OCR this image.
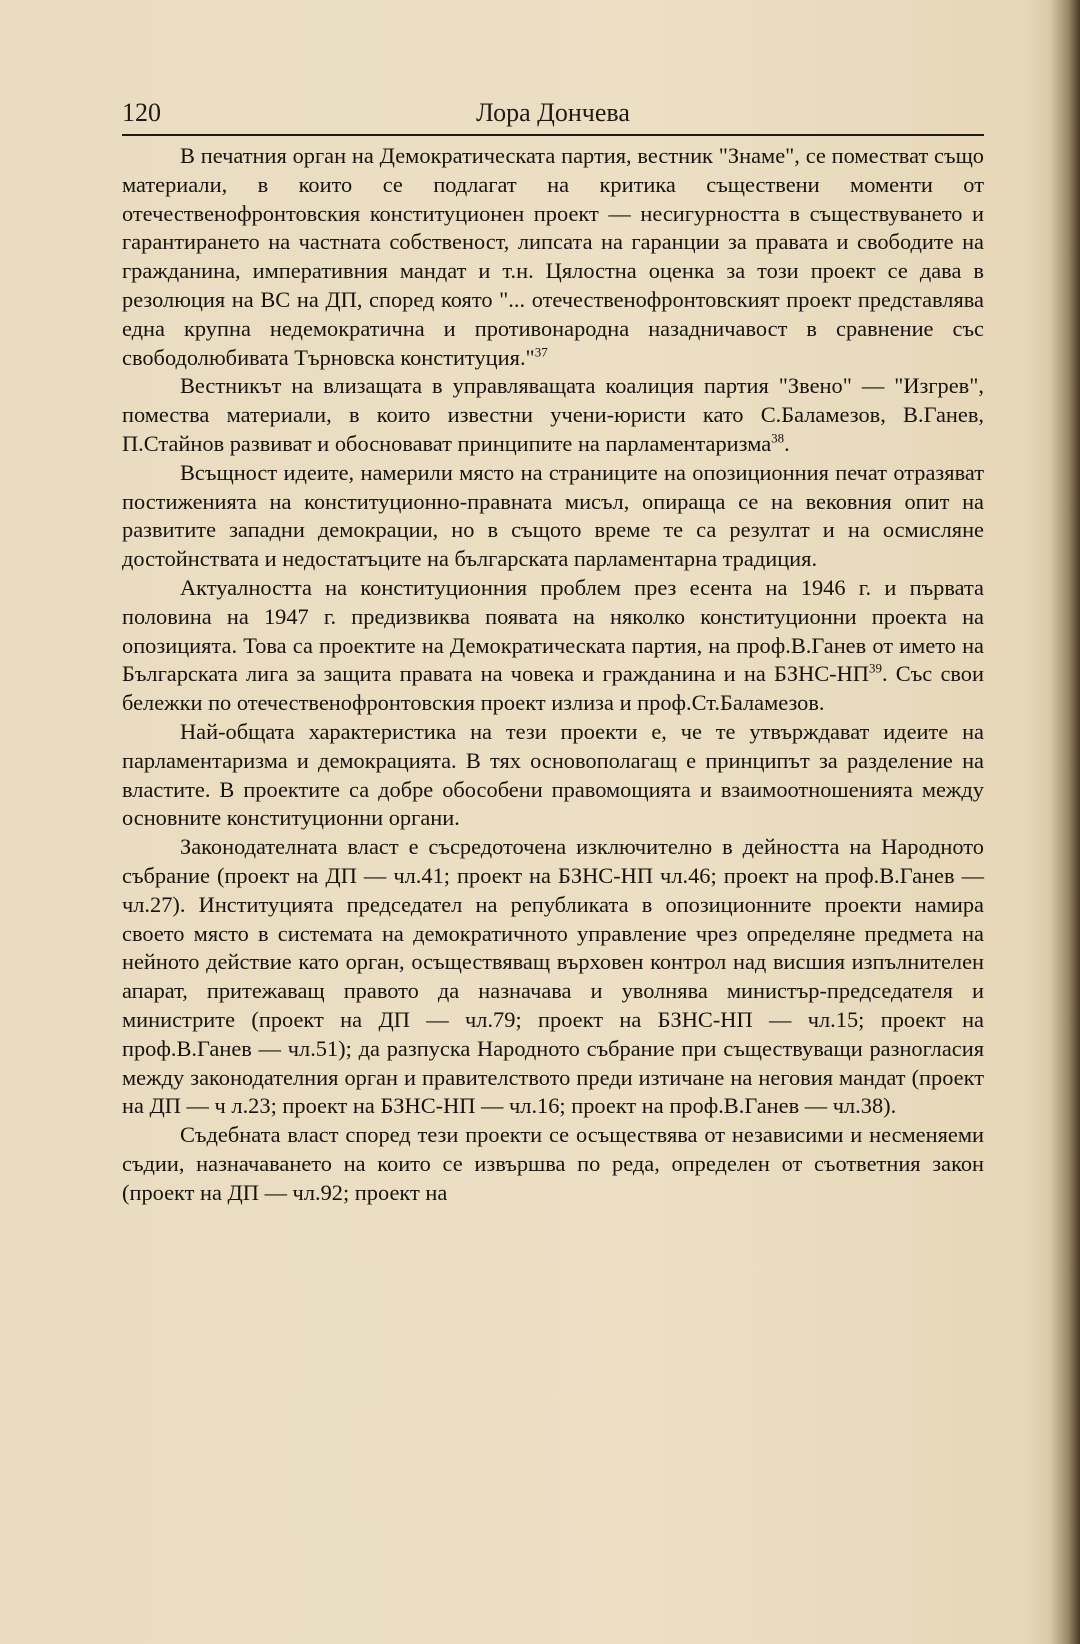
120	Лора Дончева

В печатния орган на Демократическата партия, вестник "Знаме", се поместват също материали, в които се подлагат на критика съществени моменти от отечественофронтовския конституционен проект — несигурността в съществуването и гарантирането на частната собственост, липсата на гаранции за правата и свободите на гражданина, императивния мандат и т.н. Цялостна оценка за този проект се дава в резолюция на ВС на ДП, според която "... отечественофронтовският проект представлява една крупна недемократична и противонародна назадничавост в сравнение със свободолюбивата Търновска конституция."$^{37}$

Вестникът на влизащата в управляващата коалиция партия "Звено" — "Изгрев", помества материали, в които известни учени-юристи като С.Баламезов, В.Ганев, П.Стайнов развиват и обосновават принципите на парламентаризма$^{38}$.

Всъщност идеите, намерили място на страниците на опозиционния печат отразяват постиженията на конституционно-правната мисъл, опираща се на вековния опит на развитите западни демокрации, но в същото време те са резултат и на осмисляне достойнствата и недостатъците на българската парламентарна традиция.

Актуалността на конституционния проблем през есента на 1946 г. и първата половина на 1947 г. предизвиква появата на няколко конституционни проекта на опозицията. Това са проектите на Демократическата партия, на проф.В.Ганев от името на Българската лига за защита правата на човека и гражданина и на БЗНС-НП$^{39}$. Със свои бележки по отечественофронтовския проект излиза и проф.Ст.Баламезов.

Най-общата характеристика на тези проекти е, че те утвърждават идеите на парламентаризма и демокрацията. В тях основополагащ е принципът за разделение на властите. В проектите са добре обособени правомощията и взаимоотношенията между основните конституционни органи.

Законодателната власт е съсредоточена изключително в дейността на Народното събрание (проект на ДП — чл.41; проект на БЗНС-НП чл.46; проект на проф.В.Ганев — чл.27). Институцията председател на републиката в опозиционните проекти намира своето място в системата на демократичното управление чрез определяне предмета на нейното действие като орган, осъществяващ върховен контрол над висшия изпълнителен апарат, притежаващ правото да назначава и уволнява министър-председателя и министрите (проект на ДП — чл.79; проект на БЗНС-НП — чл.15; проект на проф.В.Ганев — чл.51); да разпуска Народното събрание при съществуващи разногласия между законодателния орган и правителството преди изтичане на неговия мандат (проект на ДП — ч л.23; проект на БЗНС-НП — чл.16; проект на проф.В.Ганев — чл.38).

Съдебната власт според тези проекти се осъществява от независими и несменяеми съдии, назначаването на които се извършва по реда, определен от съответния закон (проект на ДП — чл.92; проект на
